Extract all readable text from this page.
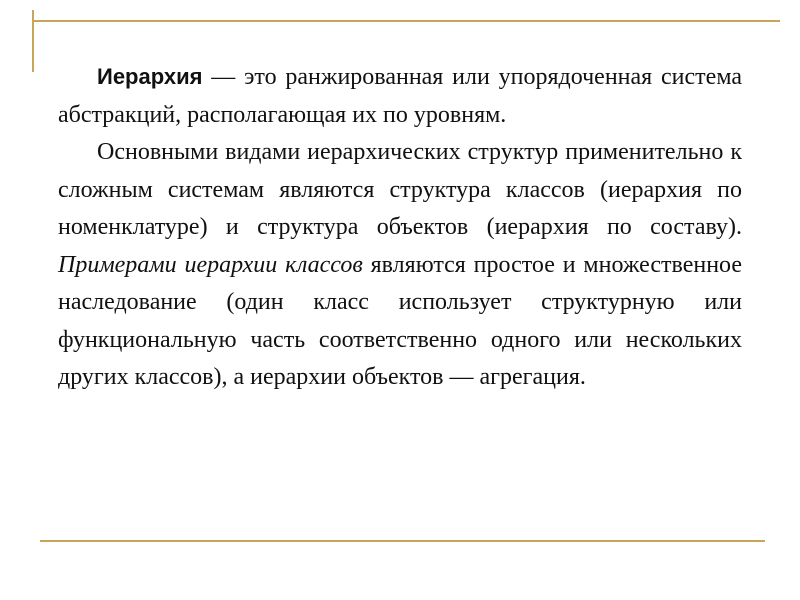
Иерархия — это ранжированная или упорядоченная система абстракций, располагающая их по уровням.

Основными видами иерархических структур применительно к сложным системам являются структура классов (иерархия по номенклатуре) и структура объектов (иерархия по составу). Примерами иерархии классов являются простое и множественное наследование (один класс использует структурную или функциональную часть соответственно одного или нескольких других классов), а иерархии объектов — агрегация.
